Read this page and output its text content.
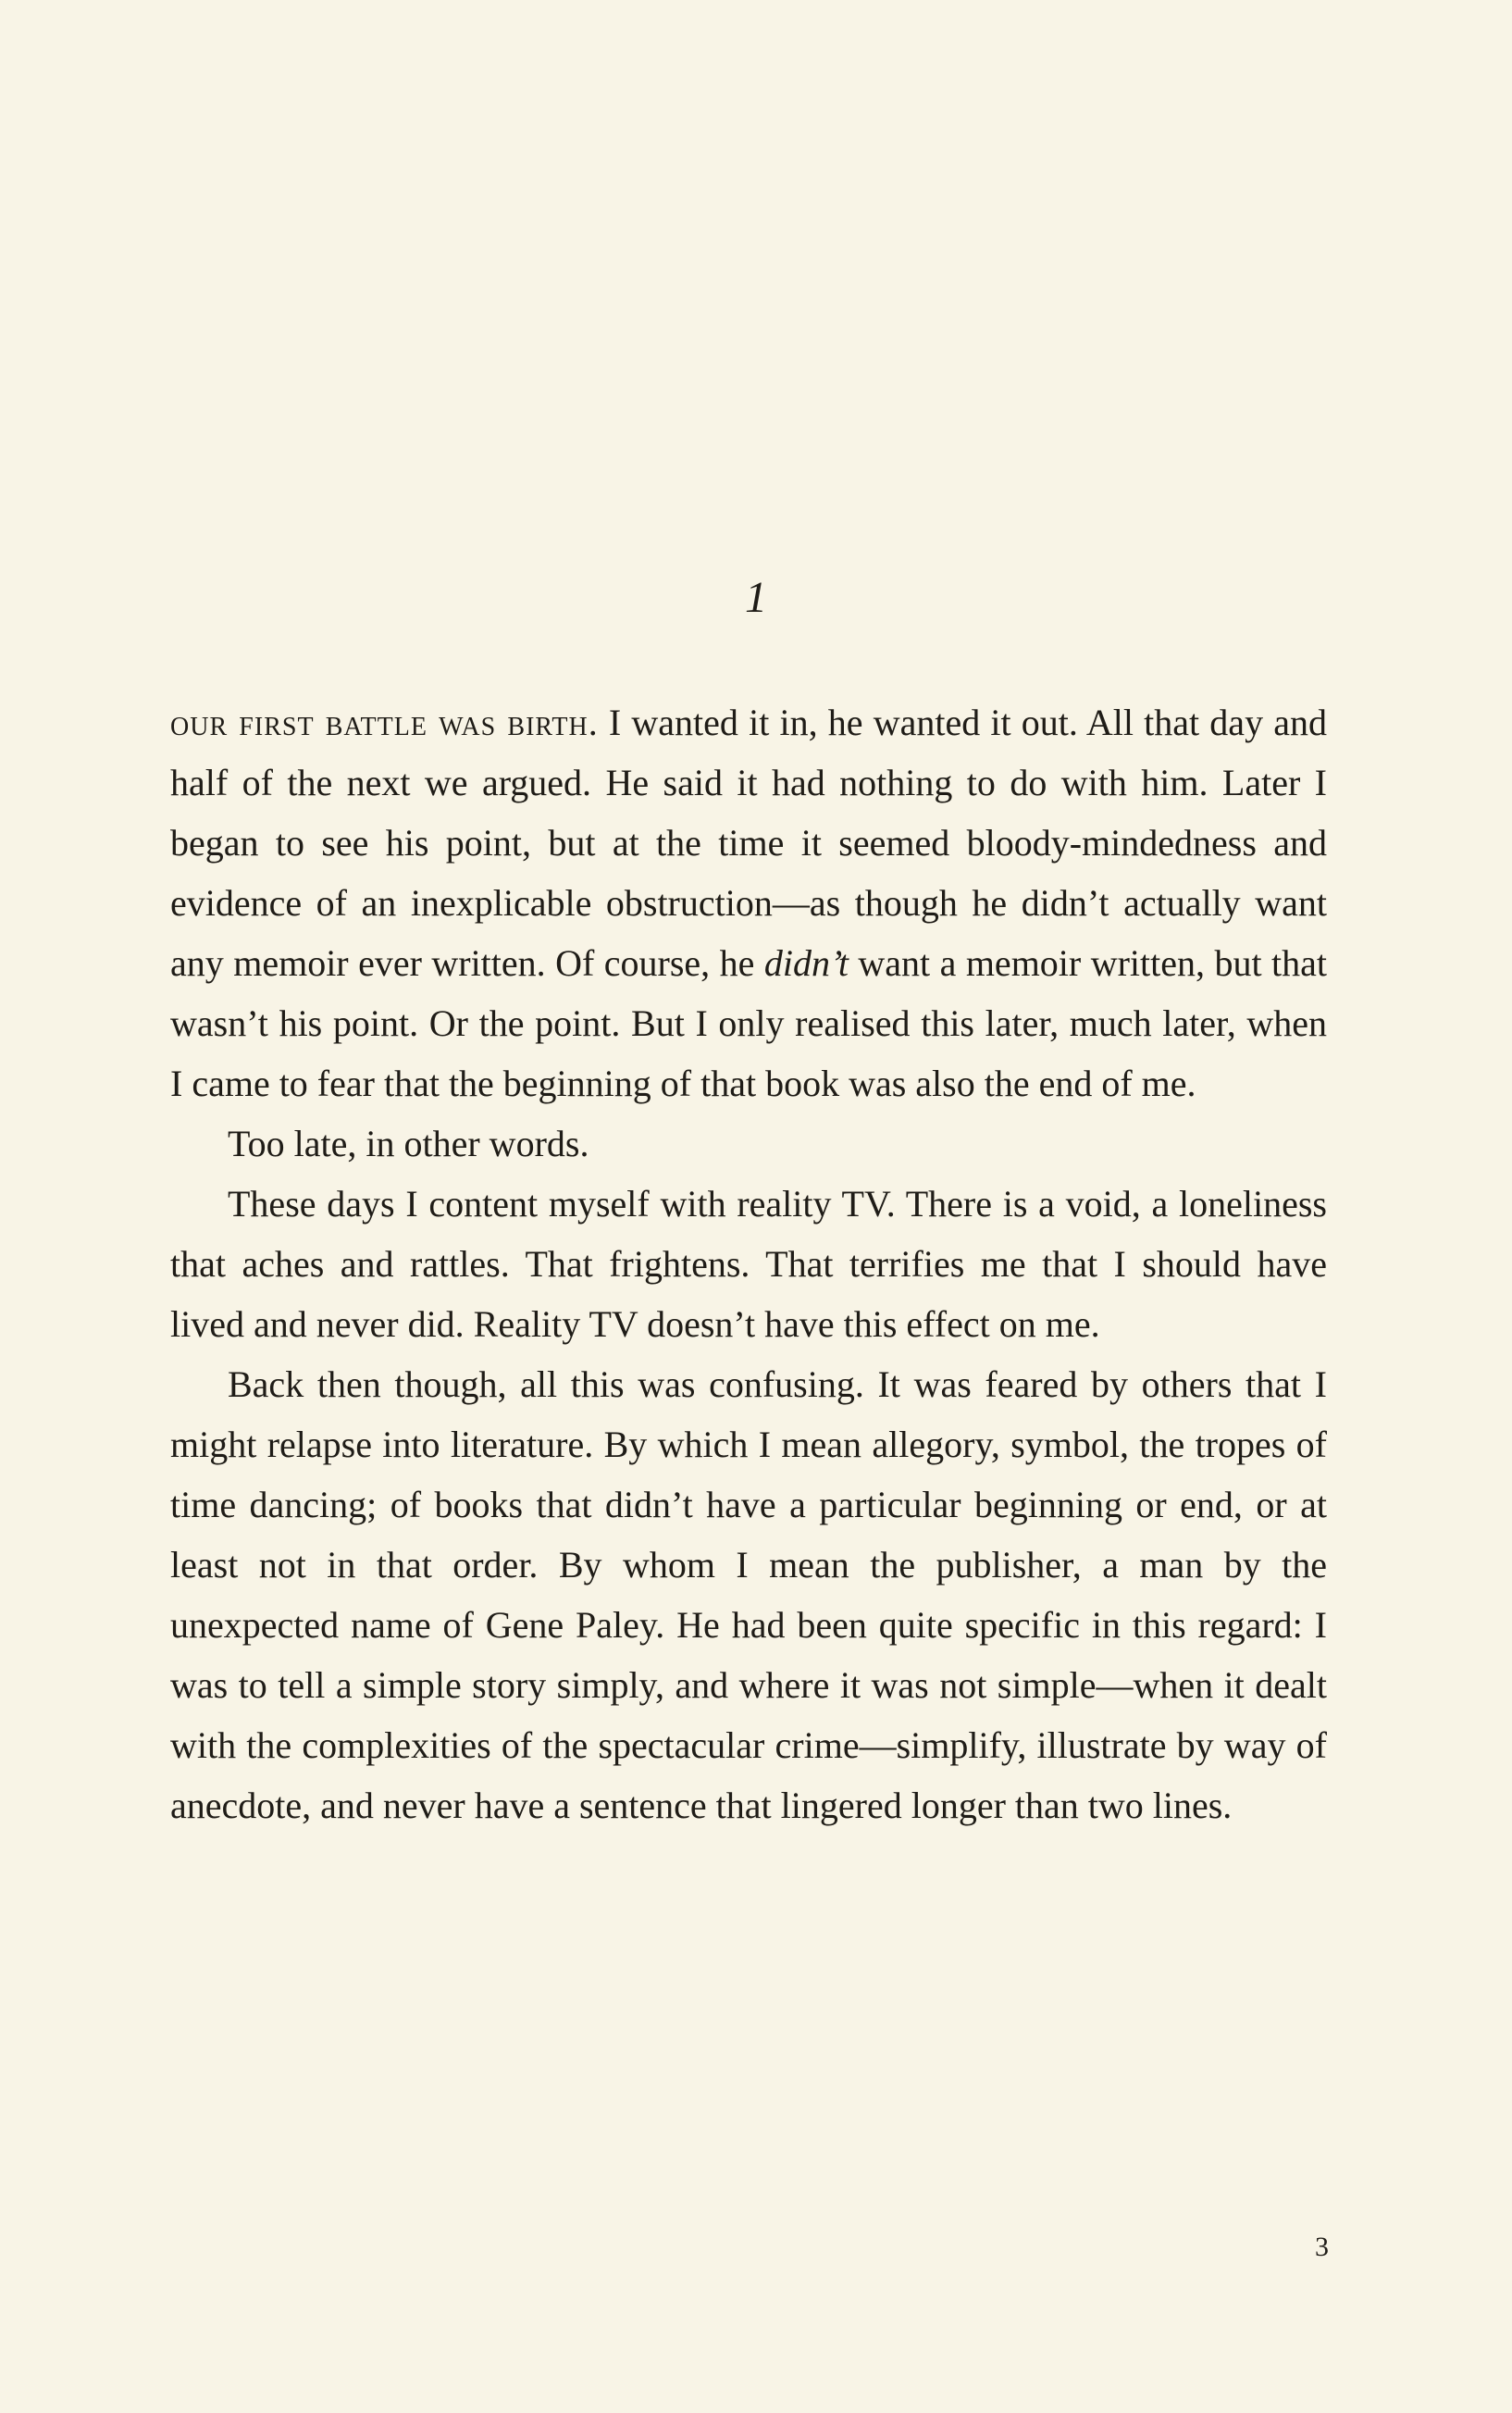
1

our first battle was birth. I wanted it in, he wanted it out. All that day and half of the next we argued. He said it had nothing to do with him. Later I began to see his point, but at the time it seemed bloody-mindedness and evidence of an inexplicable obstruction—as though he didn’t actually want any memoir ever written. Of course, he didn’t want a memoir written, but that wasn’t his point. Or the point. But I only realised this later, much later, when I came to fear that the beginning of that book was also the end of me.

Too late, in other words.

These days I content myself with reality TV. There is a void, a loneliness that aches and rattles. That frightens. That terrifies me that I should have lived and never did. Reality TV doesn’t have this effect on me.

Back then though, all this was confusing. It was feared by others that I might relapse into literature. By which I mean allegory, symbol, the tropes of time dancing; of books that didn’t have a particular beginning or end, or at least not in that order. By whom I mean the publisher, a man by the unexpected name of Gene Paley. He had been quite specific in this regard: I was to tell a simple story simply, and where it was not simple—when it dealt with the complexities of the spectacular crime—simplify, illustrate by way of anecdote, and never have a sentence that lingered longer than two lines.

3
